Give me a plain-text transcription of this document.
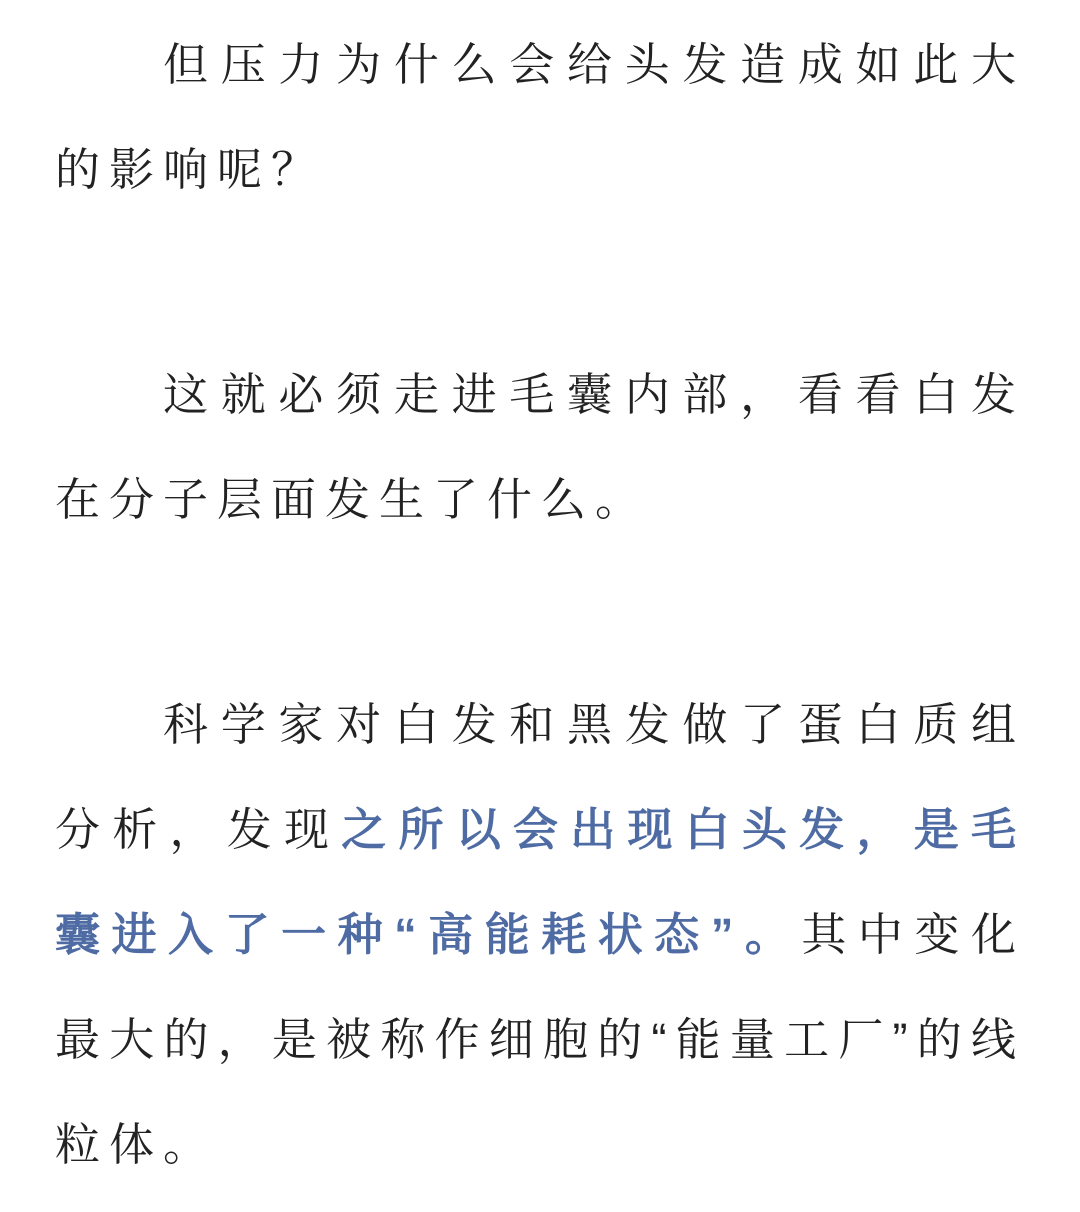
但压力为什么会给头发造成如此大的影响呢？

这就必须走进毛囊内部，看看白发在分子层面发生了什么。

科学家对白发和黑发做了蛋白质组分析，发现之所以会出现白头发，是毛囊进入了一种“高能耗状态”。其中变化最大的，是被称作细胞的“能量工厂”的线粒体。
